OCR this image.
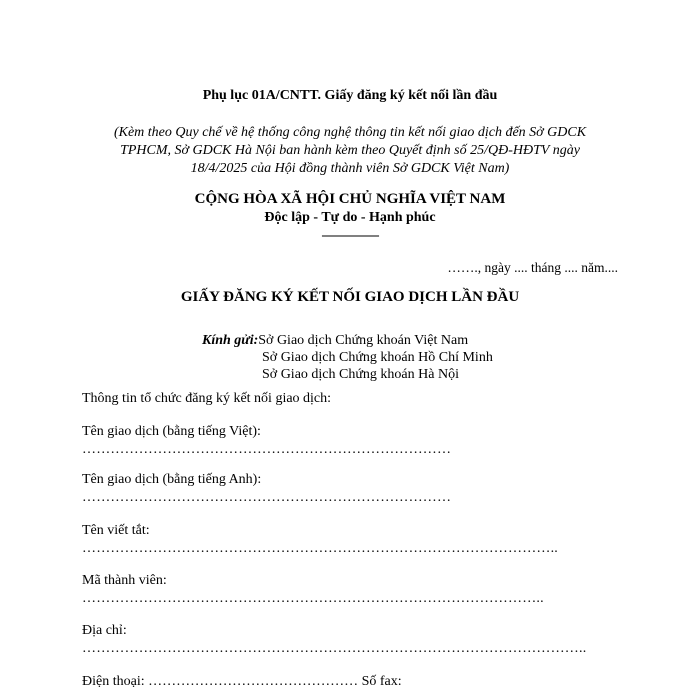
Phụ lục 01A/CNTT. Giấy đăng ký kết nối lần đầu
(Kèm theo Quy chế về hệ thống công nghệ thông tin kết nối giao dịch đến Sở GDCK
TPHCM, Sở GDCK Hà Nội ban hành kèm theo Quyết định số 25/QĐ-HĐTV ngày
18/4/2025 của Hội đồng thành viên Sở GDCK Việt Nam)
CỘNG HÒA XÃ HỘI CHỦ NGHĨA VIỆT NAM
Độc lập - Tự do - Hạnh phúc
-------------------
……., ngày .... tháng .... năm....
GIẤY ĐĂNG KÝ KẾT NỐI GIAO DỊCH LẦN ĐẦU
Kính gửi:Sở Giao dịch Chứng khoán Việt Nam
Sở Giao dịch Chứng khoán Hồ Chí Minh
Sở Giao dịch Chứng khoán Hà Nội
Thông tin tổ chức đăng ký kết nối giao dịch:
Tên giao dịch (bằng tiếng Việt):
……………………………………………………………………
Tên giao dịch (bằng tiếng Anh):
……………………………………………………………………
Tên viết tắt:
………………………………………………………………………………………..
Mã thành viên:
……………………………………………………………………………………..
Địa chỉ:
……………………………………………………………………………………………..
Điện thoại: ……………………………………… Số fax:
